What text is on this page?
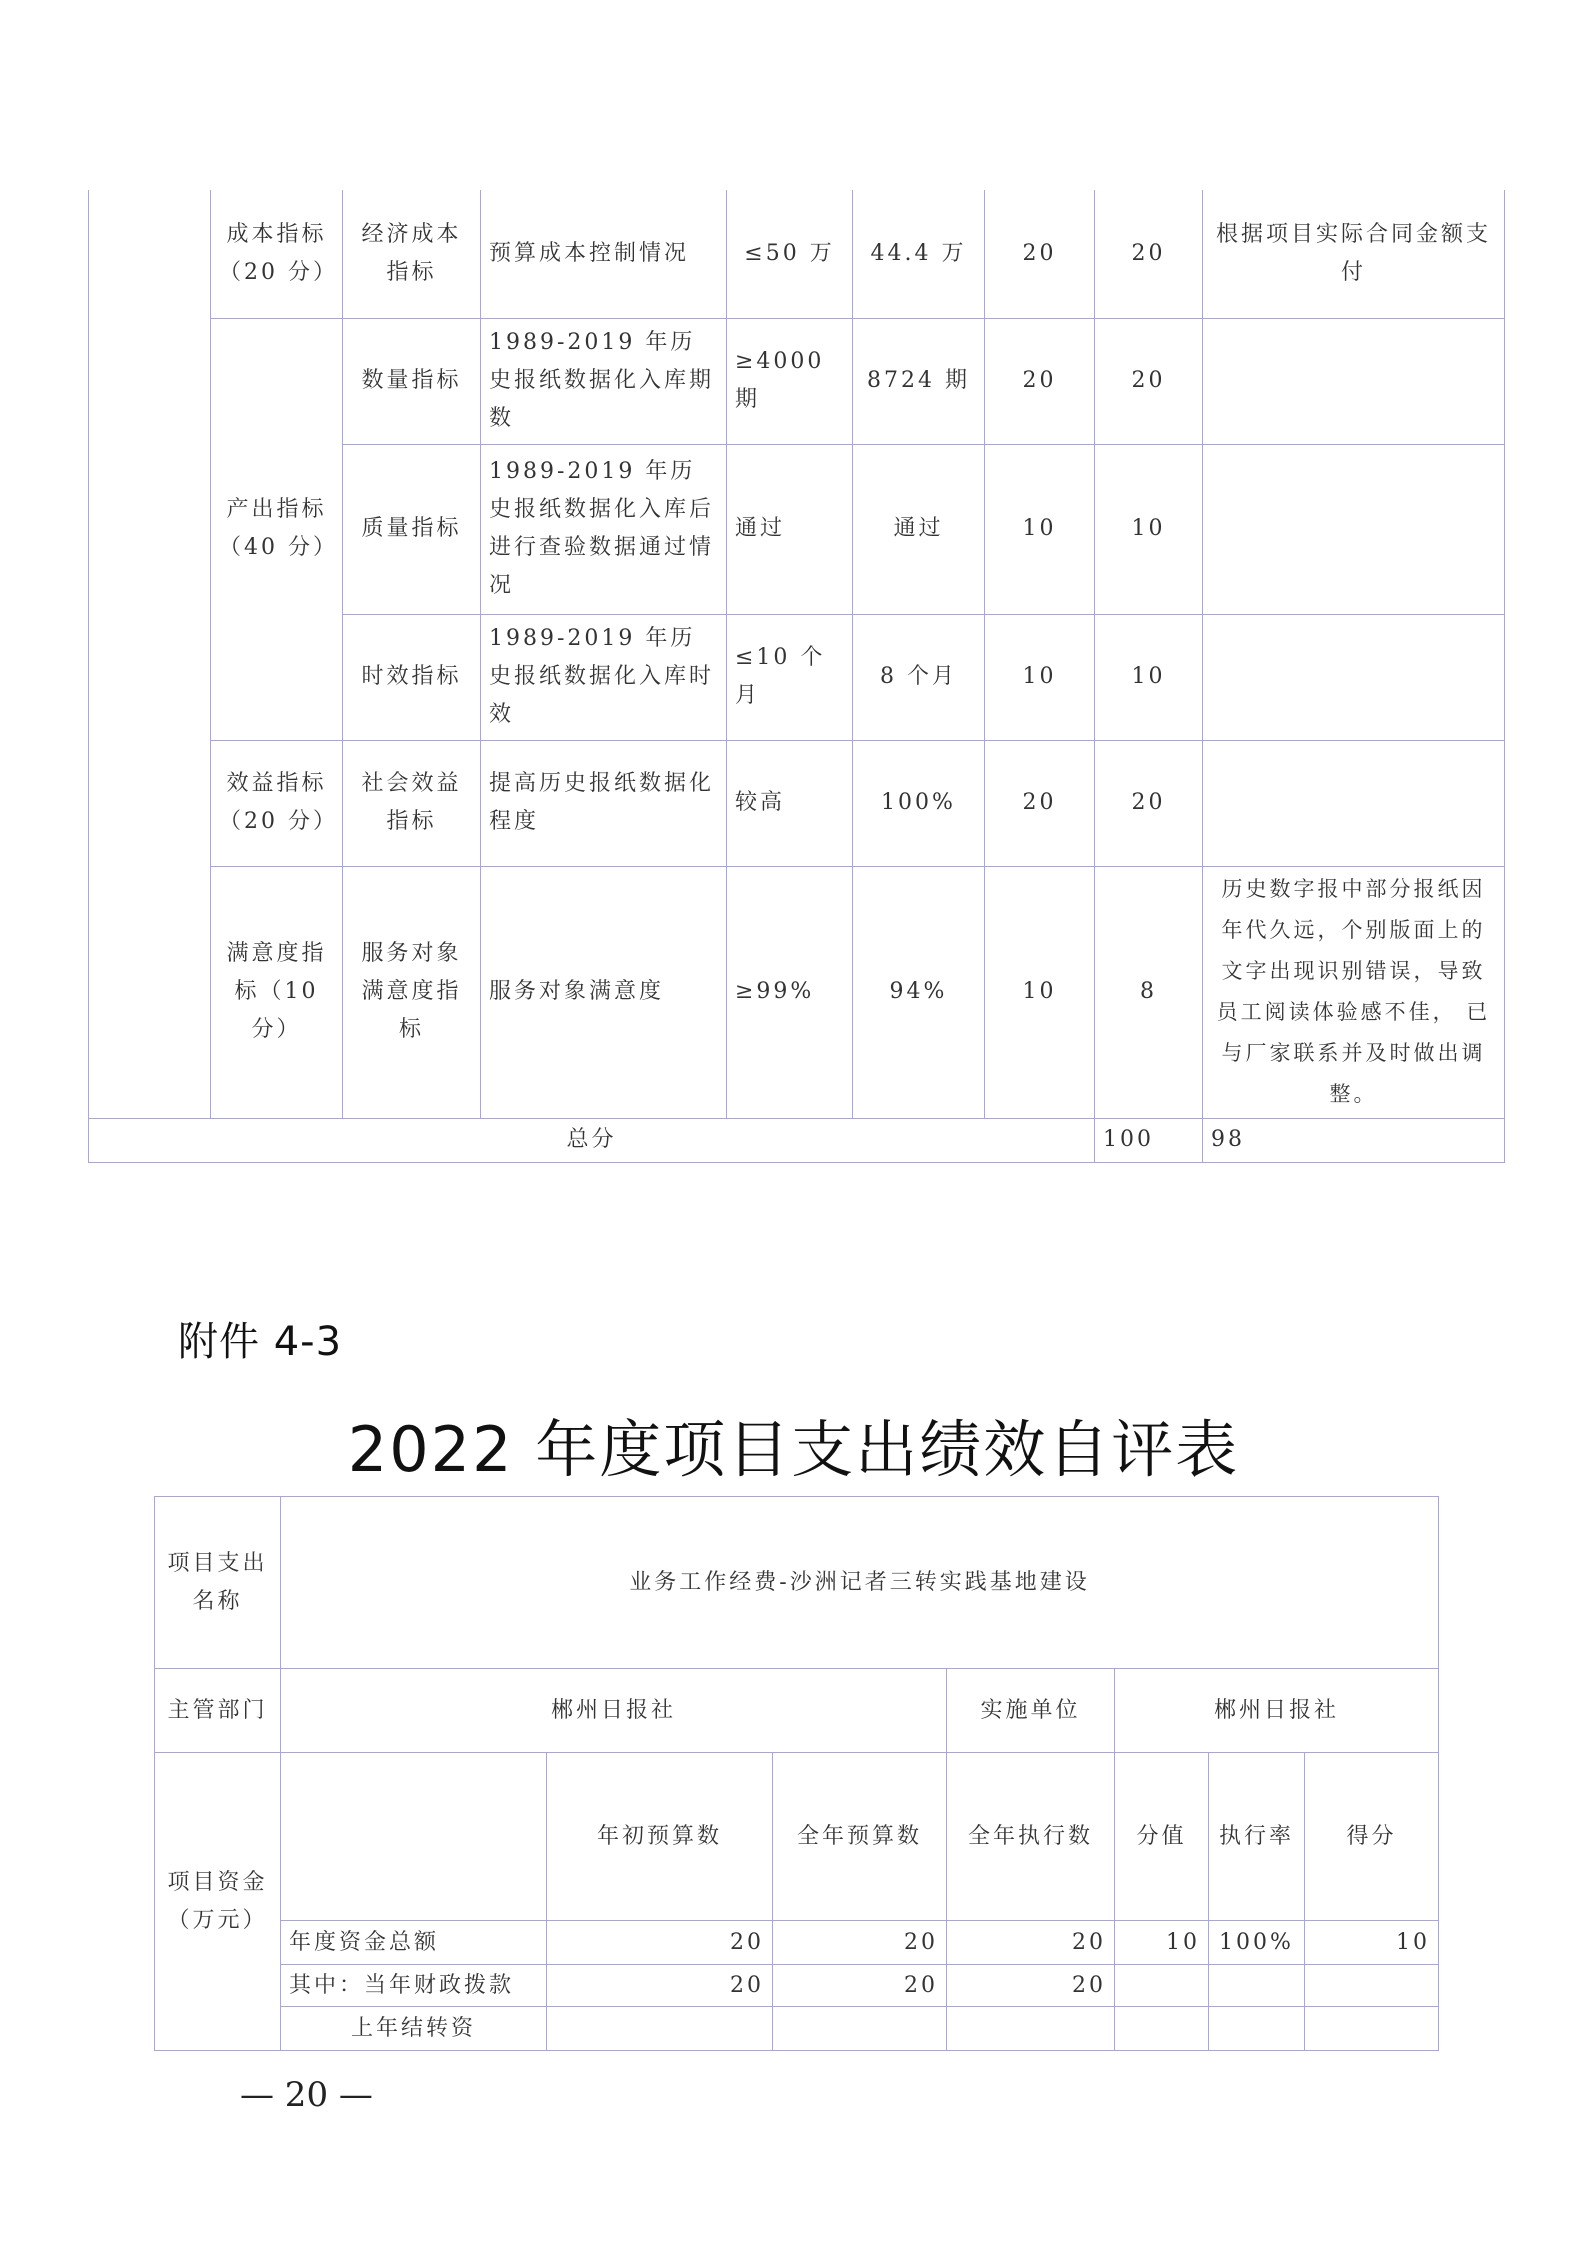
	成本指标（20 分）	经济成本指标	预算成本控制情况	≤50 万	44.4 万	20	20	根据项目实际合同金额支付	
	产出指标（40 分）	数量指标	1989-2019 年历史报纸数据化入库期数	≥4000 期	8724 期	20	20		
		质量指标	1989-2019 年历史报纸数据化入库后进行查验数据通过情况	通过	通过	10	10		
		时效指标	1989-2019 年历史报纸数据化入库时效	≤10 个月	8 个月	10	10		
	效益指标（20 分）	社会效益指标	提高历史报纸数据化程度	较高	100%	20	20		
	满意度指 标（10 分）	服务对象满意度指标	服务对象满意度	≥99%	94%	10	8	历史数字报中部分报纸因年代久远，个别版面上的文字出现识别错误，导致员工阅读体验感不佳， 已与厂家联系并及时做出调整。	
总分							100	98	
附件 4-3
2022 年度项目支出绩效自评表
项目支出名称	业务工作经费-沙洲记者三转实践基地建设						
主管部门	郴州日报社			实施单位	郴州日报社		
项目资金（万元）		年初预算数	全年预算数	全年执行数	分值	执行率	得分
	年度资金总额	20	20	20	10	100%	10
	其中：当年财政拨款	20	20	20			
	上年结转资						
— 20 —
